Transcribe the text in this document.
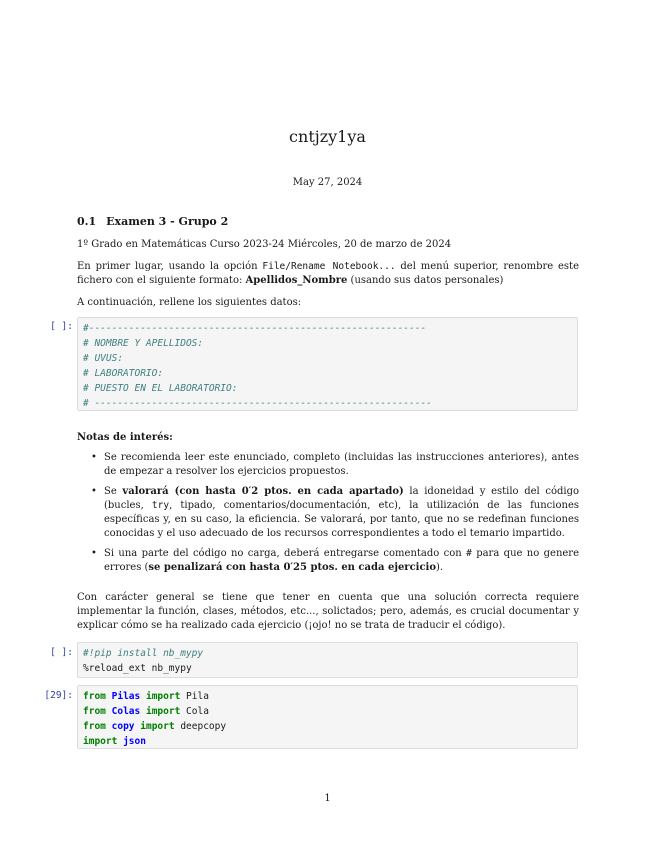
cntjzy1ya
May 27, 2024
0.1 Examen 3 - Grupo 2
1º Grado en Matemáticas Curso 2023-24 Miércoles, 20 de marzo de 2024
En primer lugar, usando la opción File/Rename Notebook... del menú superior, renombre este fichero con el siguiente formato: Apellidos_Nombre (usando sus datos personales)
A continuación, rellene los siguientes datos:
[ ]: #-----------------------------------------------------------
# NOMBRE Y APELLIDOS:
# UVUS:
# LABORATORIO:
# PUESTO EN EL LABORATORIO:
# -----------------------------------------------------------
Notas de interés:
• Se recomienda leer este enunciado, completo (incluidas las instrucciones anteriores), antes de empezar a resolver los ejercicios propuestos.
• Se valorará (con hasta 0′2 ptos. en cada apartado) la idoneidad y estilo del código (bucles, try, tipado, comentarios/documentación, etc), la utilización de las funciones específicas y, en su caso, la eficiencia. Se valorará, por tanto, que no se redefinan funciones conocidas y el uso adecuado de los recursos correspondientes a todo el temario impartido.
• Si una parte del código no carga, deberá entregarse comentado con # para que no genere errores (se penalizará con hasta 0′25 ptos. en cada ejercicio).
Con carácter general se tiene que tener en cuenta que una solución correcta requiere implementar la función, clases, métodos, etc..., solictados; pero, además, es crucial documentar y explicar cómo se ha realizado cada ejercicio (¡ojo! no se trata de traducir el código).
[ ]: #!pip install nb_mypy
%reload_ext nb_mypy
[29]: from Pilas import Pila
from Colas import Cola
from copy import deepcopy
import json
1
